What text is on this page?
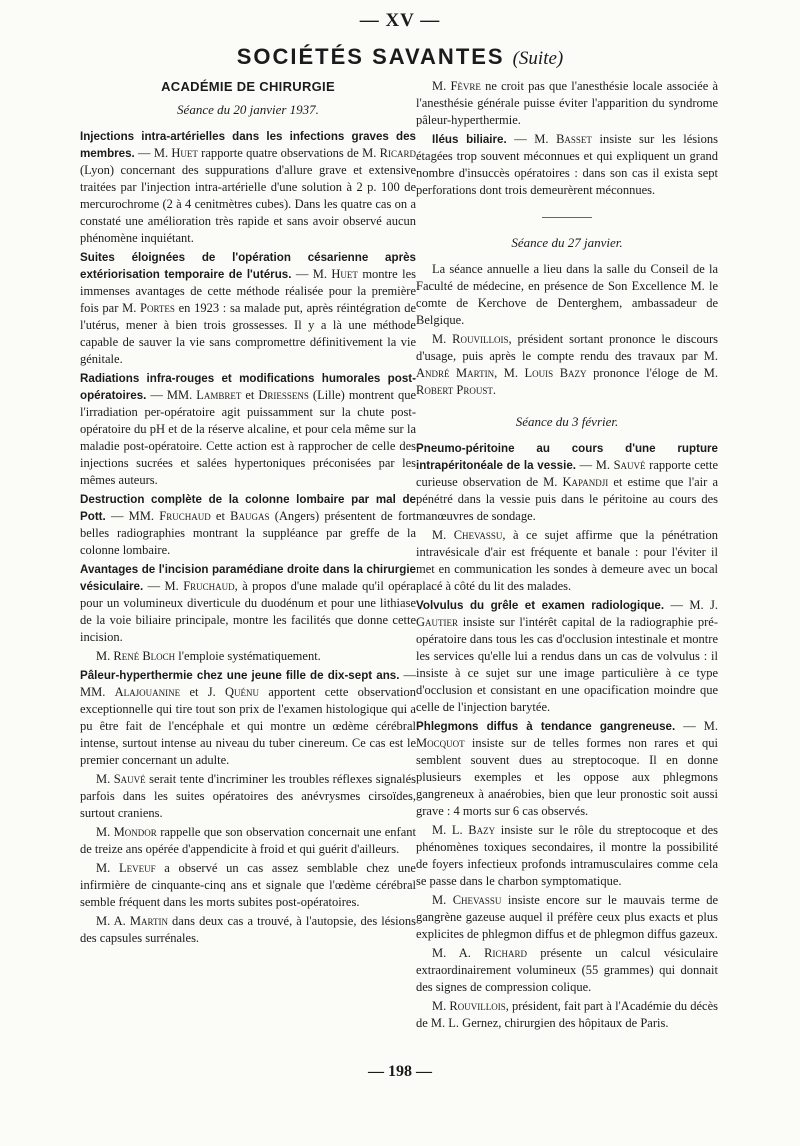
— XV —
SOCIÉTÉS SAVANTES (Suite)
ACADÉMIE DE CHIRURGIE
Séance du 20 janvier 1937.

Injections intra-artérielles dans les infections graves des membres. — M. Huet rapporte quatre observations de M. Ricard (Lyon) concernant des suppurations d'allure grave et extensive traitées par l'injection intra-artérielle d'une solution à 2 p. 100 de mercurochrome (2 à 4 cenitmètres cubes). Dans les quatre cas on a constaté une amélioration très rapide et sans avoir observé aucun phénomène inquiétant.

Suites éloignées de l'opération césarienne après extériorisation temporaire de l'utérus. — M. Huet montre les immenses avantages de cette méthode réalisée pour la première fois par M. Portes en 1923 : sa malade put, après réintégration de l'utérus, mener à bien trois grossesses. Il y a là une méthode capable de sauver la vie sans compromettre définitivement la vie génitale.

Radiations infra-rouges et modifications humorales post-opératoires. — MM. Lambret et Driessens (Lille) montrent que l'irradiation per-opératoire agit puissamment sur la chute post-opératoire du pH et de la réserve alcaline, et pour cela même sur la maladie post-opératoire. Cette action est à rapprocher de celle des injections sucrées et salées hypertoniques préconisées par les mêmes auteurs.

Destruction complète de la colonne lombaire par mal de Pott. — MM. Fruchaud et Baugas (Angers) présentent de fort belles radiographies montrant la suppléance par greffe de la colonne lombaire.

Avantages de l'incision paramédiane droite dans la chirurgie vésiculaire. — M. Fruchaud, à propos d'une malade qu'il opéra pour un volumineux diverticule du duodénum et pour une lithiase de la voie biliaire principale, montre les facilités que donne cette incision.

M. René Bloch l'emploie systématiquement.

Pâleur-hyperthermie chez une jeune fille de dix-sept ans. — MM. Alajouanine et J. Quénu apportent cette observation exceptionnelle qui tire tout son prix de l'examen histologique qui a pu être fait de l'encéphale et qui montre un œdème cérébral intense, surtout intense au niveau du tuber cinereum. Ce cas est le premier concernant un adulte.

M. Sauvé serait tente d'incriminer les troubles réflexes signalés parfois dans les suites opératoires des anévrysmes cirsoïdes, surtout craniens.

M. Mondor rappelle que son observation concernait une enfant de treize ans opérée d'appendicite à froid et qui guérit d'ailleurs.

M. Leveuf a observé un cas assez semblable chez une infirmière de cinquante-cinq ans et signale que l'œdème cérébral semble fréquent dans les morts subites post-opératoires.

M. A. Martin dans deux cas a trouvé, à l'autopsie, des lésions des capsules surrénales.

M. Fèvre ne croit pas que l'anesthésie locale associée à l'anesthésie générale puisse éviter l'apparition du syndrome pâleur-hyperthermie.

Iléus biliaire. — M. Basset insiste sur les lésions étagées trop souvent méconnues et qui expliquent un grand nombre d'insuccès opératoires : dans son cas il exista sept perforations dont trois demeurèrent méconnues.

Séance du 27 janvier.

La séance annuelle a lieu dans la salle du Conseil de la Faculté de médecine, en présence de Son Excellence M. le comte de Kerchove de Denterghem, ambassadeur de Belgique.

M. Rouvillois, président sortant prononce le discours d'usage, puis après le compte rendu des travaux par M. André Martin, M. Louis Bazy prononce l'éloge de M. Robert Proust.

Séance du 3 février.

Pneumo-péritoine au cours d'une rupture intrapéritonéale de la vessie. — M. Sauvé rapporte cette curieuse observation de M. Kapandji et estime que l'air a pénétré dans la vessie puis dans le péritoine au cours des manœuvres de sondage.

M. Chevassu, à ce sujet affirme que la pénétration intravésicale d'air est fréquente et banale : pour l'éviter il met en communication les sondes à demeure avec un bocal placé à côté du lit des malades.

Volvulus du grêle et examen radiologique. — M. J. Gautier insiste sur l'intérêt capital de la radiographie pré-opératoire dans tous les cas d'occlusion intestinale et montre les services qu'elle lui a rendus dans un cas de volvulus : il insiste à ce sujet sur une image particulière à ce type d'occlusion et consistant en une opacification moindre que celle de l'injection barytée.

Phlegmons diffus à tendance gangreneuse. — M. Mocquot insiste sur de telles formes non rares et qui semblent souvent dues au streptocoque. Il en donne plusieurs exemples et les oppose aux phlegmons gangreneux à anaérobies, bien que leur pronostic soit aussi grave : 4 morts sur 6 cas observés.

M. L. Bazy insiste sur le rôle du streptocoque et des phénomènes toxiques secondaires, il montre la possibilité de foyers infectieux profonds intramusculaires comme cela se passe dans le charbon symptomatique.

M. Chevassu insiste encore sur le mauvais terme de gangrène gazeuse auquel il préfère ceux plus exacts et plus explicites de phlegmon diffus et de phlegmon diffus gazeux.

M. A. Richard présente un calcul vésiculaire extraordinairement volumineux (55 grammes) qui donnait des signes de compression colique.

M. Rouvillois, président, fait part à l'Académie du décès de M. L. Gernez, chirurgien des hôpitaux de Paris.

— 198 —
